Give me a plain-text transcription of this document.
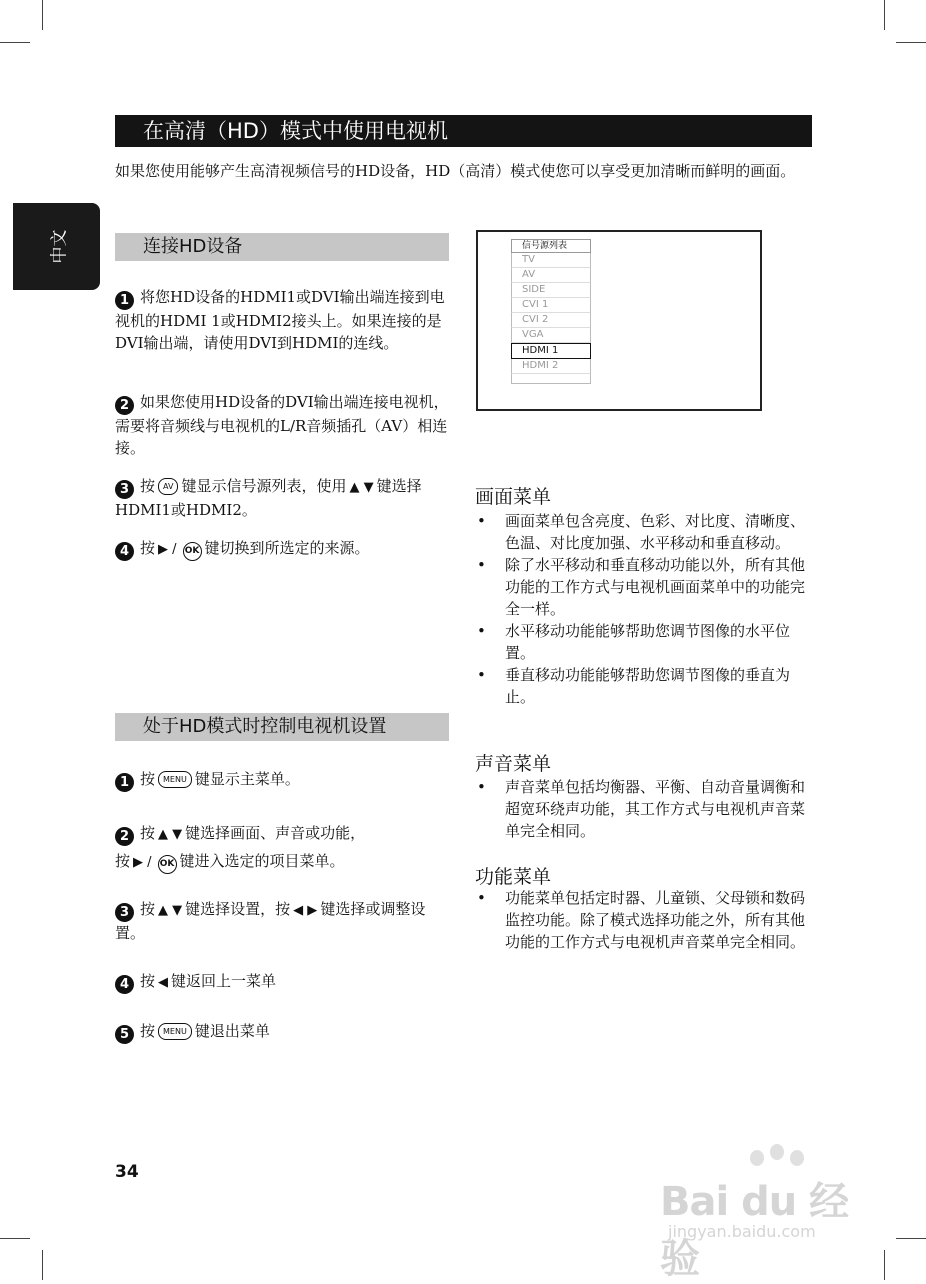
在高清（HD）模式中使用电视机
如果您使用能够产生高清视频信号的HD设备，HD（高清）模式使您可以享受更加清晰而鲜明的画面。
中文	连接HD设备
1 将您HD设备的HDMI1或DVI输出端连接到电视机的HDMI 1或HDMI2接头上。如果连接的是DVI输出端，请使用DVI到HDMI的连线。
2 如果您使用HD设备的DVI输出端连接电视机，需要将音频线与电视机的L/R音频插孔（AV）相连接。
3 按 AV 键显示信号源列表，使用 ▲ ▼ 键选择HDMI1或HDMI2。
4 按 ▶ / OK 键切换到所选定的来源。
信号源列表
TV
AV
SIDE
CVI 1
CVI 2
VGA
HDMI 1
HDMI 2
画面菜单
• 画面菜单包含亮度、色彩、对比度、清晰度、色温、对比度加强、水平移动和垂直移动。
• 除了水平移动和垂直移动功能以外，所有其他功能的工作方式与电视机画面菜单中的功能完全一样。
• 水平移动功能能够帮助您调节图像的水平位置。
• 垂直移动功能能够帮助您调节图像的垂直为止。
声音菜单
• 声音菜单包括均衡器、平衡、自动音量调衡和超宽环绕声功能，其工作方式与电视机声音菜单完全相同。
功能菜单
• 功能菜单包括定时器、儿童锁、父母锁和数码监控功能。除了模式选择功能之外，所有其他功能的工作方式与电视机声音菜单完全相同。
处于HD模式时控制电视机设置
1 按 MENU 键显示主菜单。
2 按 ▲ ▼ 键选择画面、声音或功能，
按 ▶ / OK 键进入选定的项目菜单。
3 按 ▲ ▼ 键选择设置，按 ◀ ▶ 键选择或调整设置。
4 按 ◀ 键返回上一菜单
5 按 MENU 键退出菜单
34
Bai du 经验
jingyan.baidu.com
